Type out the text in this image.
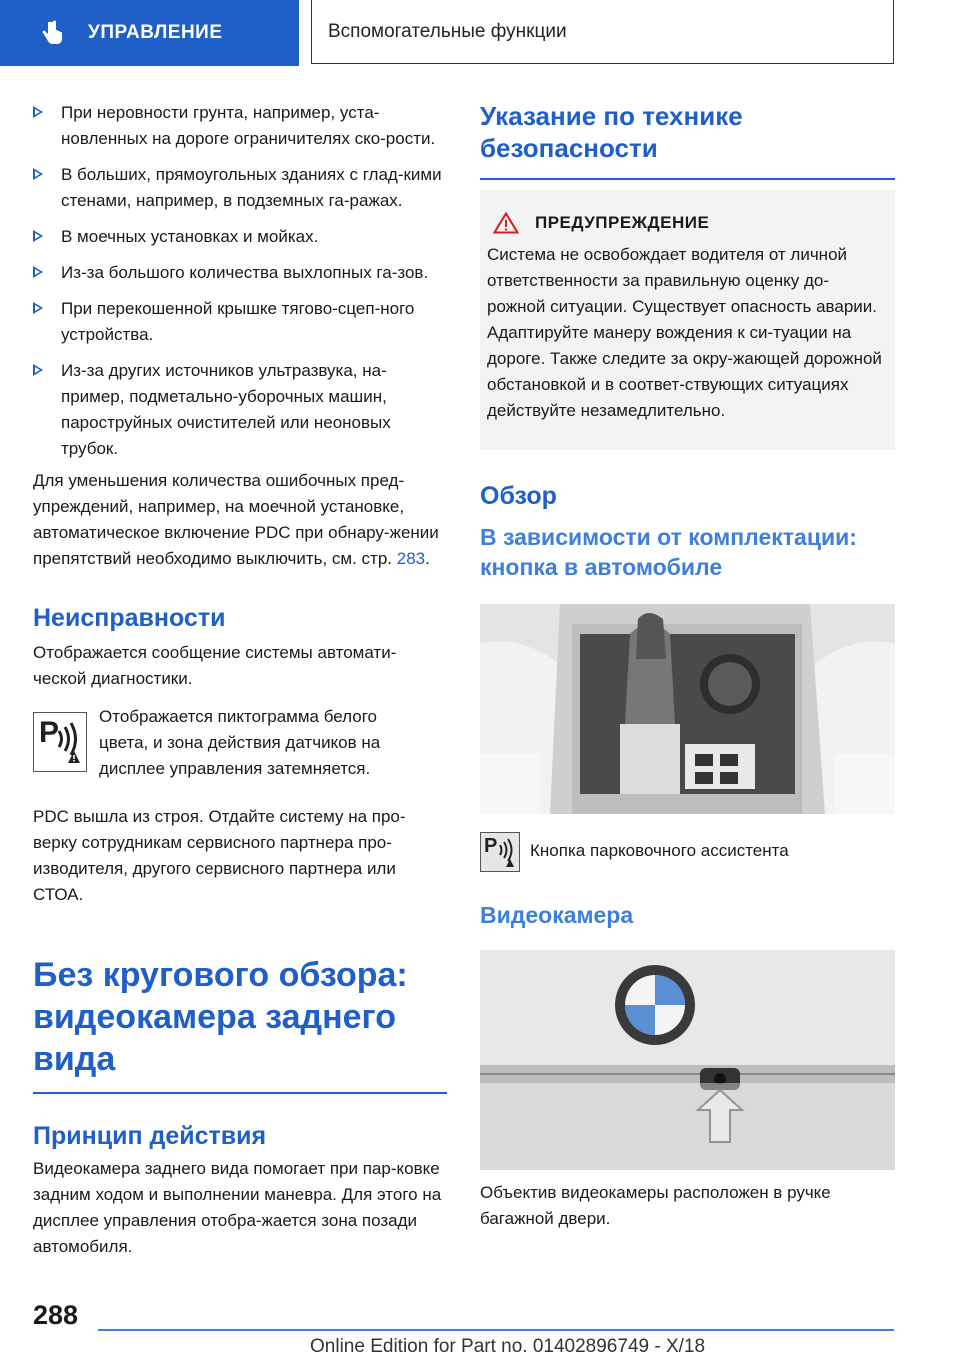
УПРАВЛЕНИЕ	Вспомогательные функции
При неровности грунта, например, уста-новленных на дороге ограничителях ско-рости.
В больших, прямоугольных зданиях с глад-кими стенами, например, в подземных га-ражах.
В моечных установках и мойках.
Из-за большого количества выхлопных га-зов.
При перекошенной крышке тягово-сцеп-ного устройства.
Из-за других источников ультразвука, на-пример, подметально-уборочных машин, пароструйных очистителей или неоновых трубок.

Для уменьшения количества ошибочных пред-упреждений, например, на моечной установке, автоматическое включение PDC при обнару-жении препятствий необходимо выключить, см. стр. 283.

Неисправности

Отображается сообщение системы автомати-ческой диагностики.

P Отображается пиктограмма белого цвета, и зона действия датчиков на дисплее управления затемняется.

PDC вышла из строя. Отдайте систему на про-верку сотрудникам сервисного партнера про-изводителя, другого сервисного партнера или СТОА.

Без кругового обзора: видеокамера заднего вида
Принцип действия

Видеокамера заднего вида помогает при пар-ковке задним ходом и выполнении маневра. Для этого на дисплее управления отобра-жается зона позади автомобиля.

Указание по технике безопасности
ПРЕДУПРЕЖДЕНИЕ

Система не освобождает водителя от личной ответственности за правильную оценку до-рожной ситуации. Существует опасность аварии. Адаптируйте манеру вождения к си-туации на дороге. Также следите за окру-жающей дорожной обстановкой и в соответ-ствующих ситуациях действуйте незамедлительно.

Обзор
В зависимости от комплектации: кнопка в автомобиле
P Кнопка парковочного ассистента

Видеокамера

Объектив видеокамеры расположен в ручке багажной двери.

288
Online Edition for Part no. 01402896749 - X/18
